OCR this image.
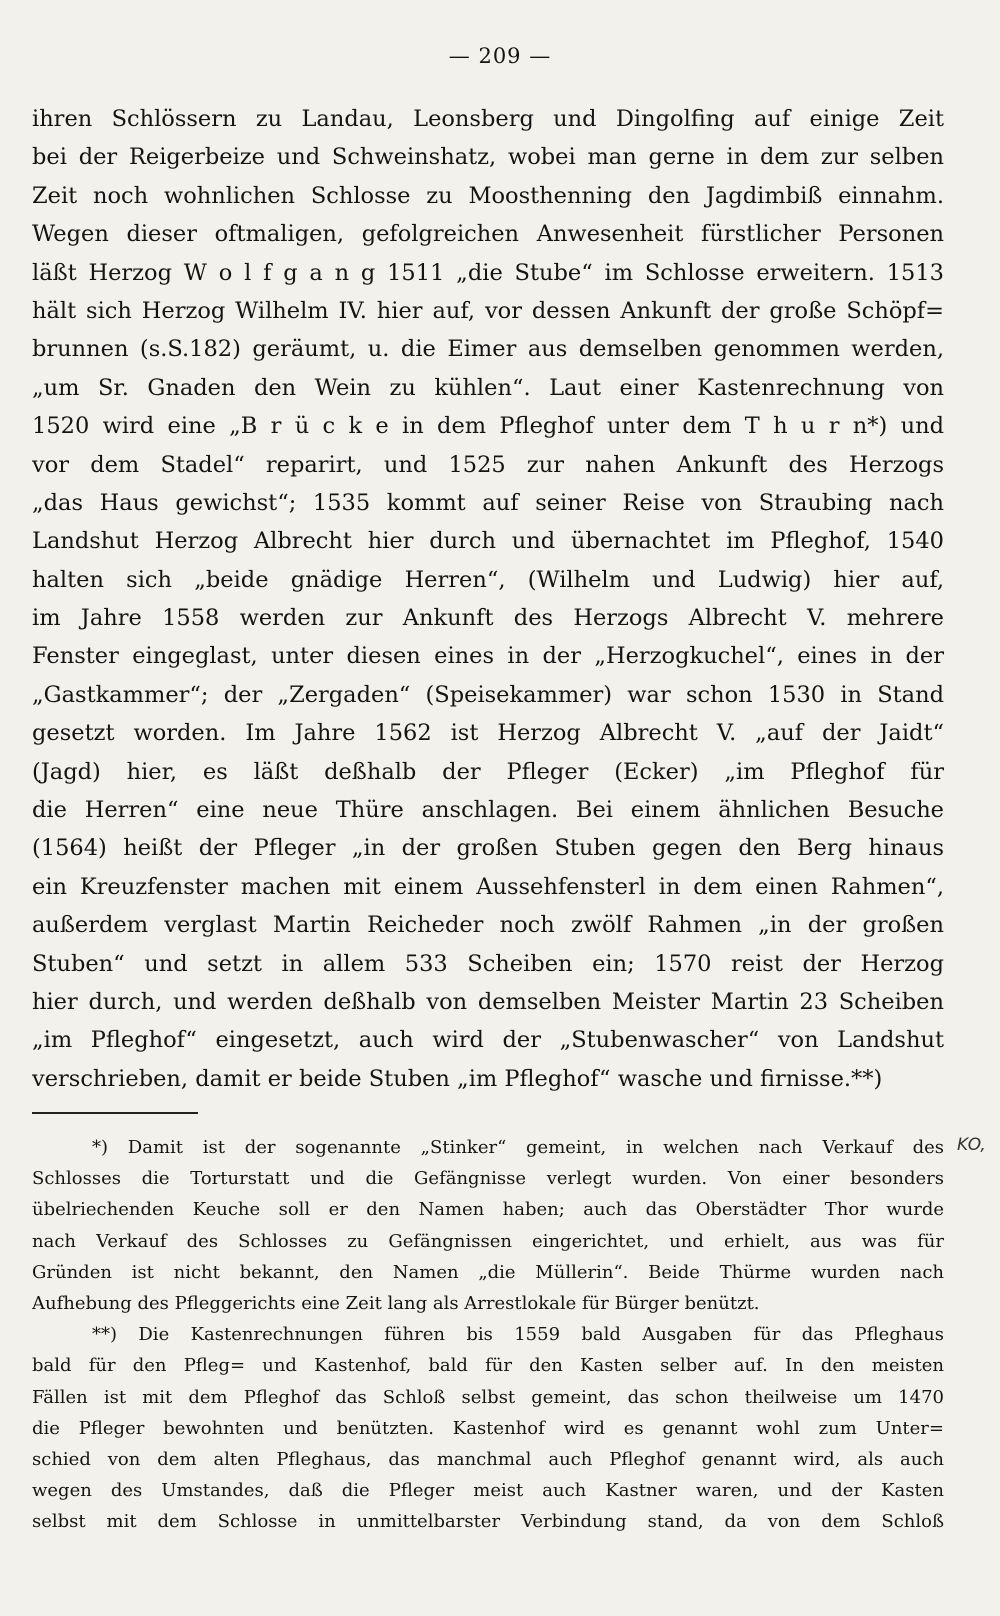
— 209 —
ihren Schlössern zu Landau, Leonsberg und Dingolfing auf einige Zeit
bei der Reigerbeize und Schweinshatz, wobei man gerne in dem zur selben
Zeit noch wohnlichen Schlosse zu Moosthenning den Jagdimbiß einnahm.
Wegen dieser oftmaligen, gefolgreichen Anwesenheit fürstlicher Personen
läßt Herzog W o l f g a n g 1511 „die Stube“ im Schlosse erweitern. 1513
hält sich Herzog Wilhelm IV. hier auf, vor dessen Ankunft der große Schöpf=
brunnen (s.S.182) geräumt, u. die Eimer aus demselben genommen werden,
„um Sr. Gnaden den Wein zu kühlen“. Laut einer Kastenrechnung von
1520 wird eine „B r ü c k e in dem Pfleghof unter dem T h u r n*) und
vor dem Stadel“ reparirt, und 1525 zur nahen Ankunft des Herzogs
„das Haus gewichst“; 1535 kommt auf seiner Reise von Straubing nach
Landshut Herzog Albrecht hier durch und übernachtet im Pfleghof, 1540
halten sich „beide gnädige Herren“, (Wilhelm und Ludwig) hier auf,
im Jahre 1558 werden zur Ankunft des Herzogs Albrecht V. mehrere
Fenster eingeglast, unter diesen eines in der „Herzogkuchel“, eines in der
„Gastkammer“; der „Zergaden“ (Speisekammer) war schon 1530 in Stand
gesetzt worden. Im Jahre 1562 ist Herzog Albrecht V. „auf der Jaidt“
(Jagd) hier, es läßt deßhalb der Pfleger (Ecker) „im Pfleghof für
die Herren“ eine neue Thüre anschlagen. Bei einem ähnlichen Besuche
(1564) heißt der Pfleger „in der großen Stuben gegen den Berg hinaus
ein Kreuzfenster machen mit einem Aussehfensterl in dem einen Rahmen“,
außerdem verglast Martin Reicheder noch zwölf Rahmen „in der großen
Stuben“ und setzt in allem 533 Scheiben ein; 1570 reist der Herzog
hier durch, und werden deßhalb von demselben Meister Martin 23 Scheiben
„im Pfleghof“ eingesetzt, auch wird der „Stubenwascher“ von Landshut
verschrieben, damit er beide Stuben „im Pfleghof“ wasche und firnisse.**)
*) Damit ist der sogenannte „Stinker“ gemeint, in welchen nach Verkauf des
Schlosses die Torturstatt und die Gefängnisse verlegt wurden. Von einer besonders
übelriechenden Keuche soll er den Namen haben; auch das Oberstädter Thor wurde
nach Verkauf des Schlosses zu Gefängnissen eingerichtet, und erhielt, aus was für
Gründen ist nicht bekannt, den Namen „die Müllerin“. Beide Thürme wurden nach
Aufhebung des Pfleggerichts eine Zeit lang als Arrestlokale für Bürger benützt.
**) Die Kastenrechnungen führen bis 1559 bald Ausgaben für das Pfleghaus
bald für den Pfleg= und Kastenhof, bald für den Kasten selber auf. In den meisten
Fällen ist mit dem Pfleghof das Schloß selbst gemeint, das schon theilweise um 1470
die Pfleger bewohnten und benützten. Kastenhof wird es genannt wohl zum Unter=
schied von dem alten Pfleghaus, das manchmal auch Pfleghof genannt wird, als auch
wegen des Umstandes, daß die Pfleger meist auch Kastner waren, und der Kasten
selbst mit dem Schlosse in unmittelbarster Verbindung stand, da von dem Schloß
KO,
